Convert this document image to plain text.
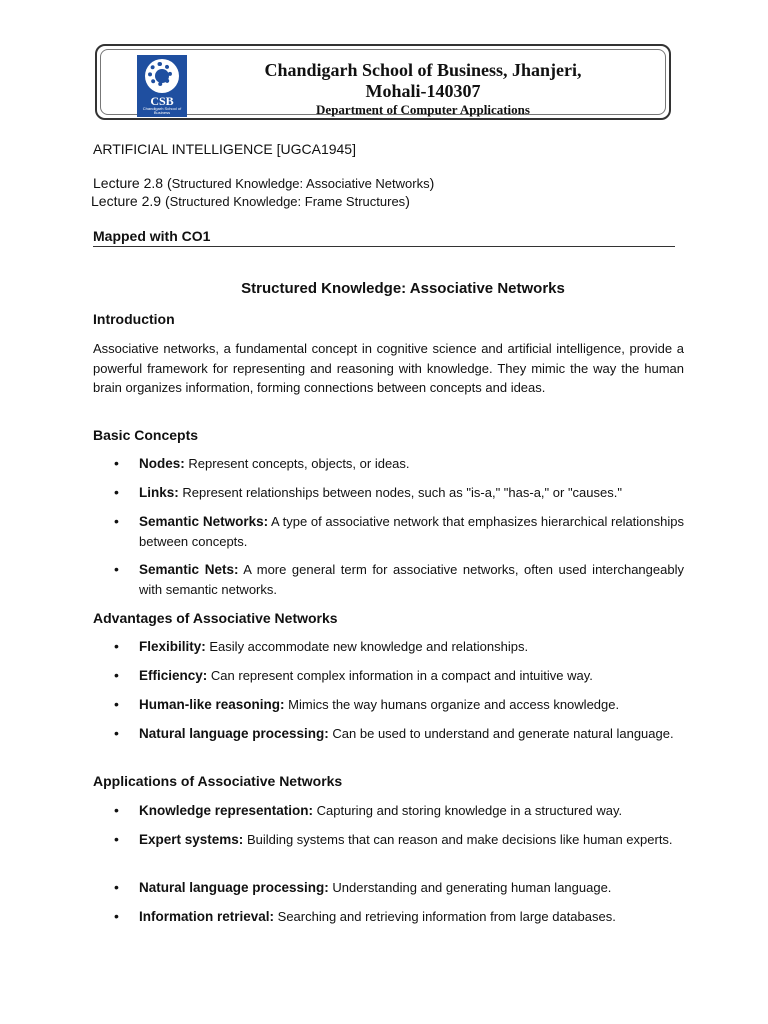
CSB
Chandigarh School of Business
Chandigarh School of Business, Jhanjeri,
Mohali-140307
Department of Computer Applications
ARTIFICIAL INTELLIGENCE [UGCA1945]
Lecture 2.8 (Structured Knowledge: Associative Networks)
Lecture 2.9 (Structured Knowledge: Frame Structures)
Mapped with CO1
Structured Knowledge: Associative Networks
Introduction
Associative networks, a fundamental concept in cognitive science and artificial intelligence, provide a powerful framework for representing and reasoning with knowledge. They mimic the way the human brain organizes information, forming connections between concepts and ideas.
Basic Concepts
• Nodes: Represent concepts, objects, or ideas.
• Links: Represent relationships between nodes, such as "is-a," "has-a," or "causes."
• Semantic Networks: A type of associative network that emphasizes hierarchical relationships between concepts.
• Semantic Nets: A more general term for associative networks, often used interchangeably with semantic networks.
Advantages of Associative Networks
• Flexibility: Easily accommodate new knowledge and relationships.
• Efficiency: Can represent complex information in a compact and intuitive way.
• Human-like reasoning: Mimics the way humans organize and access knowledge.
• Natural language processing: Can be used to understand and generate natural language.
Applications of Associative Networks
• Knowledge representation: Capturing and storing knowledge in a structured way.
• Expert systems: Building systems that can reason and make decisions like human experts.
• Natural language processing: Understanding and generating human language.
• Information retrieval: Searching and retrieving information from large databases.
